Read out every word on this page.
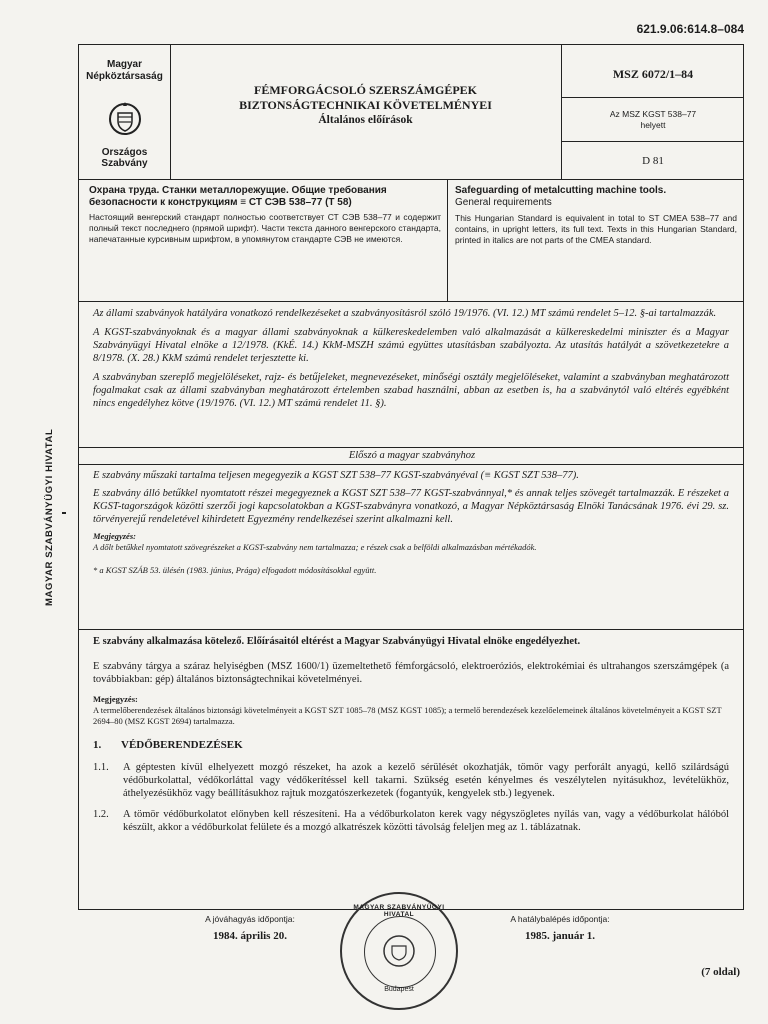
621.9.06:614.8–084
MAGYAR SZABVÁNYÜGYI HIVATAL
Magyar
Népköztársaság
Országos Szabvány
FÉMFORGÁCSOLÓ SZERSZÁMGÉPEK
BIZTONSÁGTECHNIKAI KÖVETELMÉNYEI
Általános előírások
MSZ 6072/1–84
Az MSZ KGST 538–77
helyett
D 81

Охрана труда. Станки металлорежущие. Общие требования безопасности к конструкциям ≡ СТ СЭВ 538–77 (Т 58)

Настоящий венгерский стандарт полностью соответствует СТ СЭВ 538–77 и содержит полный текст последнего (прямой шрифт). Части текста данного венгерского стандарта, напечатанные курсивным шрифтом, в упомянутом стандарте СЭВ не имеются.

Safeguarding of metalcutting machine tools.

General requirements

This Hungarian Standard is equivalent in total to ST CMEA 538–77 and contains, in upright letters, its full text. Texts in this Hungarian Standard, printed in italics are not parts of the CMEA standard.

Az állami szabványok hatályára vonatkozó rendelkezéseket a szabványosításról szóló 19/1976. (VI. 12.) MT számú rendelet 5–12. §-ai tartalmazzák.

A KGST-szabványoknak és a magyar állami szabványoknak a külkereskedelemben való alkalmazását a külkereskedelmi miniszter és a Magyar Szabványügyi Hivatal elnöke a 12/1978. (KkÉ. 14.) KkM-MSZH számú együttes utasításban szabályozta. Az utasítás hatályát a szövetkezetekre a 8/1978. (X. 28.) KkM számú rendelet terjesztette ki.

A szabványban szereplő megjelöléseket, rajz- és betűjeleket, megnevezéseket, minőségi osztály megjelöléseket, valamint a szabványban meghatározott fogalmakat csak az állami szabványban meghatározott értelemben szabad használni, abban az esetben is, ha a szabványtól való eltérés egyébként nincs engedélyhez kötve (19/1976. (VI. 12.) MT számú rendelet 11. §).

Előszó a magyar szabványhoz

E szabvány műszaki tartalma teljesen megegyezik a KGST SZT 538–77 KGST-szabványéval (≡ KGST SZT 538–77).

E szabvány álló betűkkel nyomtatott részei megegyeznek a KGST SZT 538–77 KGST-szabvánnyal,* és annak teljes szövegét tartalmazzák. E részeket a KGST-tagországok közötti szerzői jogi kapcsolatokban a KGST-szabványra vonatkozó, a Magyar Népköztársaság Elnöki Tanácsának 1976. évi 29. sz. törvényerejű rendeletével kihirdetett Egyezmény rendelkezései szerint alkalmazni kell.

Megjegyzés:

A dőlt betűkkel nyomtatott szövegrészeket a KGST-szabvány nem tartalmazza; e részek csak a belföldi alkalmazásban mértékadók.

* a KGST SZÁB 53. ülésén (1983. június, Prága) elfogadott módosításokkal együtt.

E szabvány alkalmazása kötelező. Előírásaitól eltérést a Magyar Szabványügyi Hivatal elnöke engedélyezhet.

E szabvány tárgya a száraz helyiségben (MSZ 1600/1) üzemeltethető fémforgácsoló, elektroeróziós, elektrokémiai és ultrahangos szerszámgépek (a továbbiakban: gép) általános biztonságtechnikai követelményei.

Megjegyzés:

A termelőberendezések általános biztonsági követelményeit a KGST SZT 1085–78 (MSZ KGST 1085); a termelő berendezések kezelőelemeinek általános követelményeit a KGST SZT 2694–80 (MSZ KGST 2694) tartalmazza.

1.	VÉDŐBERENDEZÉSEK
1.1.	A géptesten kívül elhelyezett mozgó részeket, ha azok a kezelő sérülését okozhatják, tömör vagy perforált anyagú, kellő szilárdságú védőburkolattal, védőkorláttal vagy védőkerítéssel kell takarni. Szükség esetén kényelmes és veszélytelen nyitásukhoz, levételükhöz, áthelyezésükhöz vagy beállításukhoz rajtuk mozgatószerkezetek (fogantyúk, kengyelek stb.) legyenek.

1.2.	A tömör védőburkolatot előnyben kell részesíteni. Ha a védőburkolaton kerek vagy négyszögletes nyílás van, vagy a védőburkolat hálóból készült, akkor a védőburkolat felülete és a mozgó alkatrészek közötti távolság feleljen meg az 1. táblázatnak.

A jóváhagyás időpontja:
1984. április 20.
A hatálybalépés időpontja:
1985. január 1.
(7 oldal)
MAGYAR SZABVÁNYÜGYI HIVATAL
Budapest
